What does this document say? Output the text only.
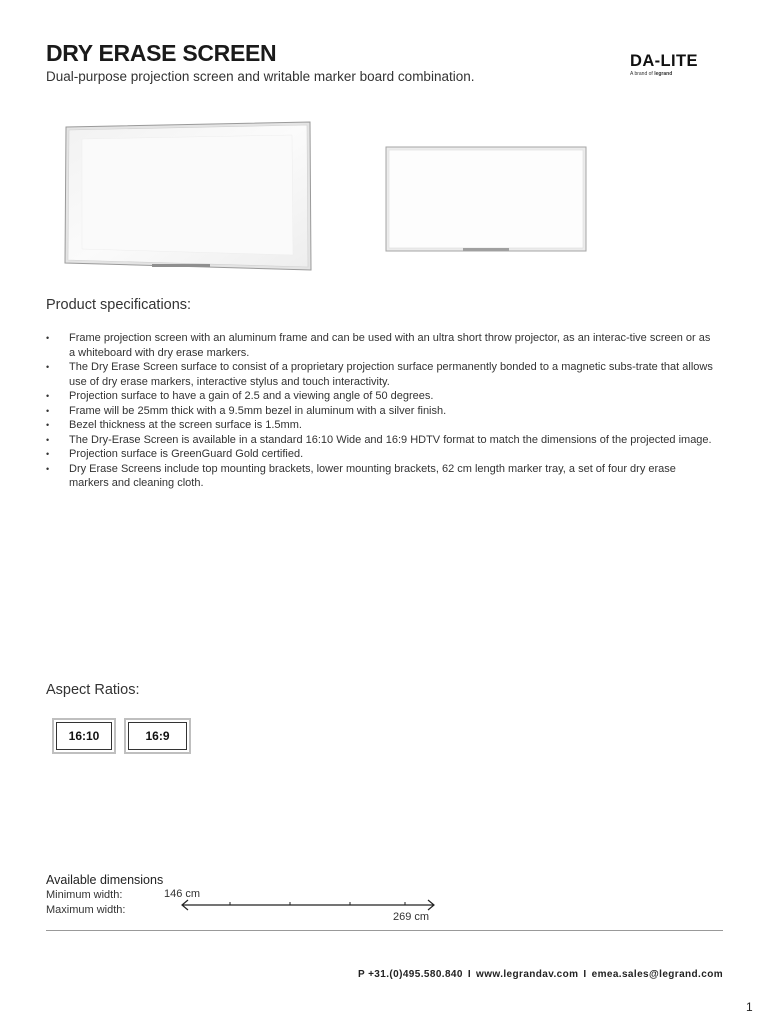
DRY ERASE SCREEN
Dual-purpose projection screen and writable marker board combination.
DA-LITE
A brand of legrand
Product specifications:
• Frame projection screen with an aluminum frame and can be used with an ultra short throw projector, as an interac-tive screen or as a whiteboard with dry erase markers.
• The Dry Erase Screen surface to consist of a proprietary projection surface permanently bonded to a magnetic subs-trate that allows use of dry erase markers, interactive stylus and touch interactivity.
• Projection surface to have a gain of 2.5 and a viewing angle of 50 degrees.
• Frame will be 25mm thick with a 9.5mm bezel in aluminum with a silver finish.
• Bezel thickness at the screen surface is 1.5mm.
• The Dry-Erase Screen is available in a standard 16:10 Wide and 16:9 HDTV format to match the dimensions of the projected image.
• Projection surface is GreenGuard Gold certified.
• Dry Erase Screens include top mounting brackets, lower mounting brackets, 62 cm length marker tray, a set of four dry erase markers and cleaning cloth.
Aspect Ratios:
16:10	16:9
Available dimensions
Minimum width:
Maximum width:
146 cm
269 cm
P +31.(0)495.580.840 I www.legrandav.com I emea.sales@legrand.com
1
